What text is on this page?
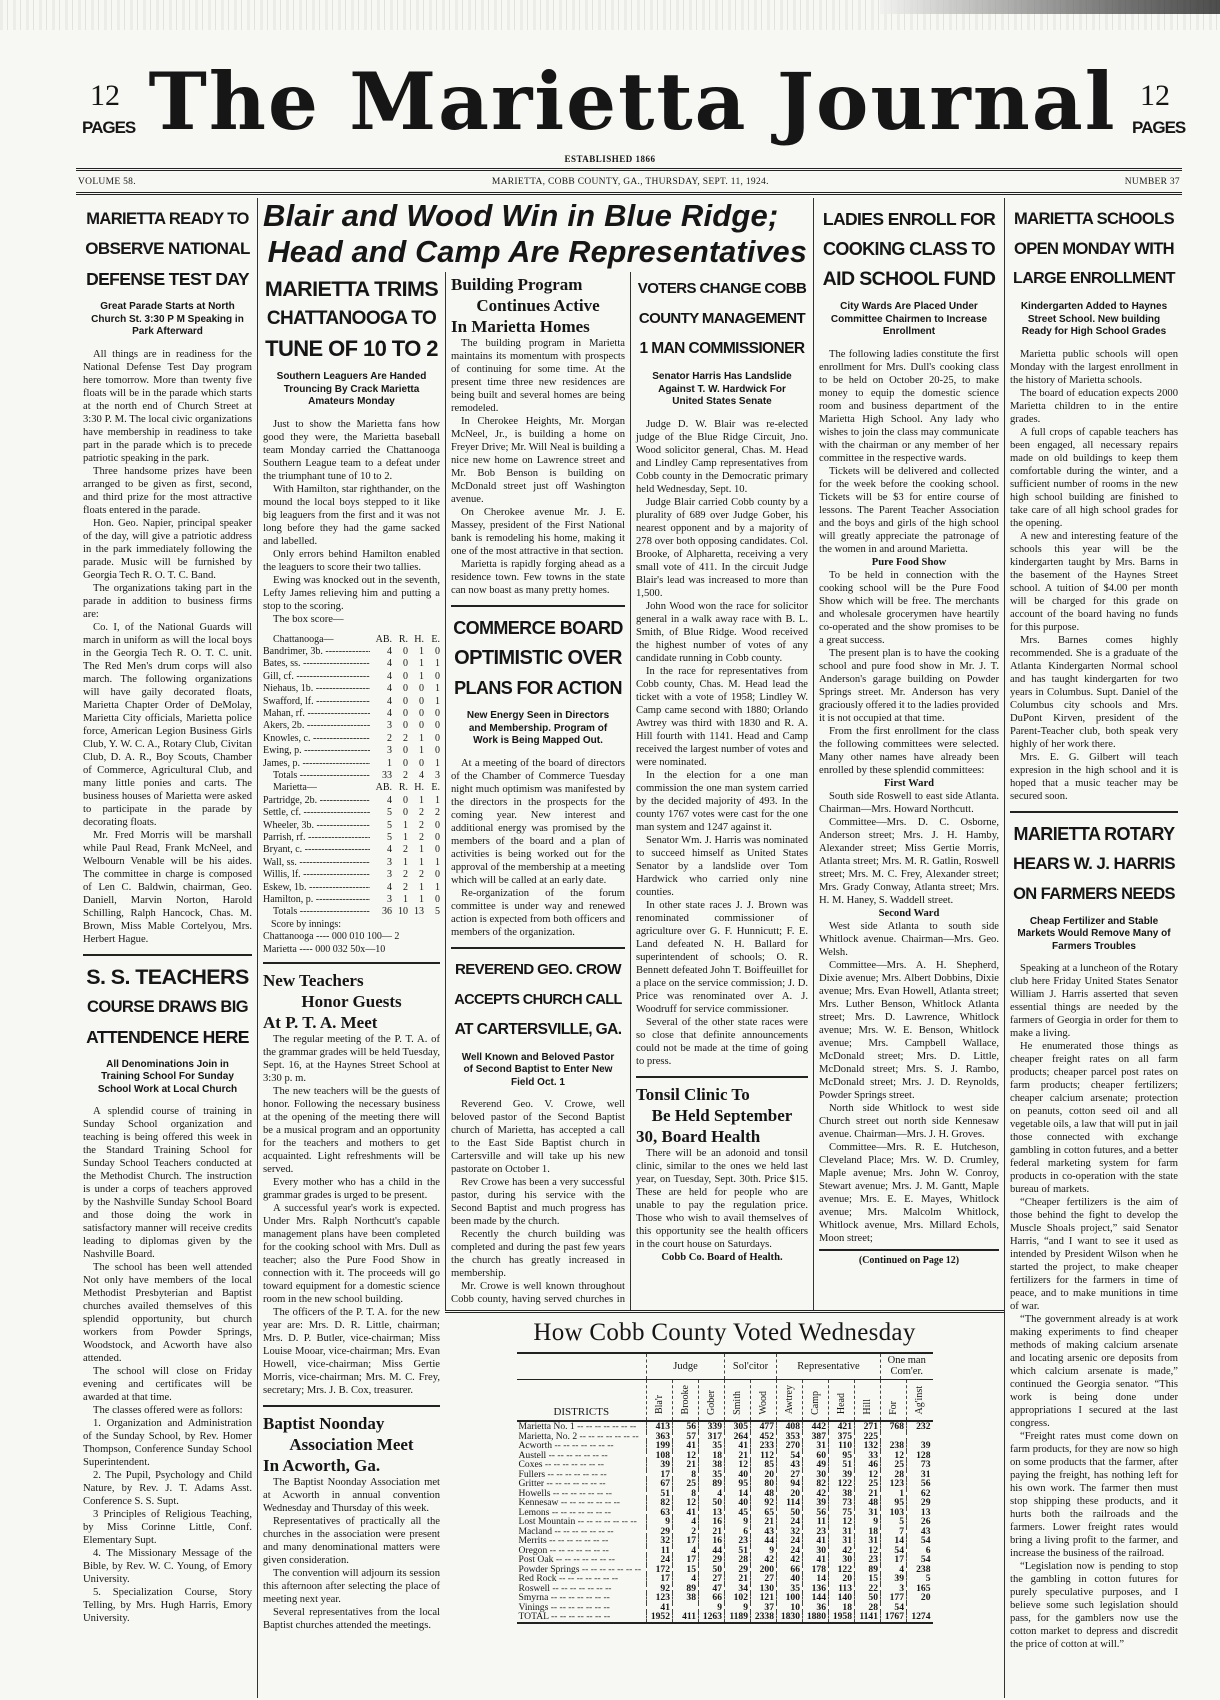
12
PAGES The Marietta Journal 12
PAGES
ESTABLISHED 1866
VOLUME 58.	MARIETTA, COBB COUNTY, GA., THURSDAY, SEPT. 11, 1924.	NUMBER 37
Blair and Wood Win in Blue Ridge;
Head and Camp Are Representatives
MARIETTA READY TO
OBSERVE NATIONAL
DEFENSE TEST DAY
Great Parade Starts at North Church St. 3:30 P M Speaking in Park Afterward
All things are in readiness for the National Defense Test Day program here tomorrow. More than twenty five floats will be in the parade which starts at the north end of Church Street at 3:30 P. M. The local civic organizations have membership in readiness to take part in the parade which is to precede patriotic speaking in the park.
Three handsome prizes have been arranged to be given as first, second, and third prize for the most attractive floats entered in the parade.
Hon. Geo. Napier, principal speaker of the day, will give a patriotic address in the park immediately following the parade. Music will be furnished by Georgia Tech R. O. T. C. Band.
The organizations taking part in the parade in addition to business firms are:
Co. I, of the National Guards will march in uniform as will the local boys in the Georgia Tech R. O. T. C. unit. The Red Men's drum corps will also march. The following organizations will have gaily decorated floats, Marietta Chapter Order of DeMolay, Marietta City officials, Marietta police force, American Legion Business Girls Club, Y. W. C. A., Rotary Club, Civitan Club, D. A. R., Boy Scouts, Chamber of Commerce, Agricultural Club, and many little ponies and carts. The business houses of Marietta were asked to participate in the parade by decorating floats.
Mr. Fred Morris will be marshall while Paul Read, Frank McNeel, and Welbourn Venable will be his aides. The committee in charge is composed of Len C. Baldwin, chairman, Geo. Daniell, Marvin Norton, Harold Schilling, Ralph Hancock, Chas. M. Brown, Miss Mable Cortelyou, Mrs. Herbert Hague.
S. S. TEACHERS
COURSE DRAWS BIG
ATTENDENCE HERE
All Denominations Join in Training School For Sunday School Work at Local Church
A splendid course of training in Sunday School organization and teaching is being offered this week in the Standard Training School for Sunday School Teachers conducted at the Methodist Church. The instruction is under a corps of teachers approved by the Nashville Sunday School Board and those doing the work in satisfactory manner will receive credits leading to diplomas given by the Nashville Board.
The school has been well attended Not only have members of the local Methodist Presbyterian and Baptist churches availed themselves of this splendid opportunity, but church workers from Powder Springs, Woodstock, and Acworth have also attended.
The school will close on Friday evening and certificates will be awarded at that time.
The classes offered were as follors:
1. Organization and Administration of the Sunday School, by Rev. Homer Thompson, Conference Sunday School Superintendent.
2. The Pupil, Psychology and Child Nature, by Rev. J. T. Adams Asst. Conference S. S. Supt.
3 Principles of Religious Teaching, by Miss Corinne Little, Conf. Elementary Supt.
4. The Missionary Message of the Bible, by Rev. W. C. Young, of Emory University.
5. Specialization Course, Story Telling, by Mrs. Hugh Harris, Emory University.
MARIETTA TRIMS
CHATTANOOGA TO
TUNE OF 10 TO 2
Southern Leaguers Are Handed Trouncing By Crack Marietta Amateurs Monday
Just to show the Marietta fans how good they were, the Marietta baseball team Monday carried the Chattanooga Southern League team to a defeat under the triumphant tune of 10 to 2.
With Hamilton, star righthander, on the mound the local boys stepped to it like big leaguers from the first and it was not long before they had the game sacked and labelled.
Only errors behind Hamilton enabled the leaguers to score their two tallies.
Ewing was knocked out in the seventh, Lefty James relieving him and putting a stop to the scoring.
The box score—
Chattanooga—	AB. R. H. E.
Bandrimer, 3b. -----	4	0	1	0
Bates, ss. -----	4	0	1	1
Gill, cf. -----	4	0	1	0
Niehaus, 1b. -----	4	0	0	1
Swafford, lf. -----	4	0	0	1
Mahan, rf. -----	4	0	0	0
Akers, 2b. -----	3	0	0	0
Knowles, c. -----	2	2	1	0
Ewing, p. -----	3	0	1	0
James, p. -----	1	0	0	1
Totals -----	33	2	4	3
Marietta—	AB. R. H. E.
Partridge, 2b. -----	4	0	1	1
Settle, cf. -----	5	0	2	2
Wheeler, 3b. -----	5	1	2	0
Parrish, rf. -----	5	1	2	0
Bryant, c. -----	4	2	1	0
Wall, ss. -----	3	1	1	1
Willis, lf. -----	3	2	2	0
Eskew, 1b. -----	4	2	1	1
Hamilton, p. -----	3	1	1	0
Totals -----	36 10 13	5
Score by innings:
Chattanooga ---- 000 010 100— 2
Marietta ---- 000 032 50x—10
New Teachers
Honor Guests
At P. T. A. Meet
The regular meeting of the P. T. A. of the grammar grades will be held Tuesday, Sept. 16, at the Haynes Street School at 3:30 p. m.
The new teachers will be the guests of honor. Following the necessary business at the opening of the meeting there will be a musical program and an opportunity for the teachers and mothers to get acquainted. Light refreshments will be served.
Every mother who has a child in the grammar grades is urged to be present.
A successful year's work is expected. Under Mrs. Ralph Northcutt's capable management plans have been completed for the cooking school with Mrs. Dull as teacher; also the Pure Food Show in connection with it. The proceeds will go toward equipment for a domestic science room in the new school building.
The officers of the P. T. A. for the new year are: Mrs. D. R. Little, chairman; Mrs. D. P. Butler, vice-chairman; Miss Louise Mooar, vice-chairman; Mrs. Evan Howell, vice-chairman; Miss Gertie Morris, vice-chairman; Mrs. M. C. Frey, secretary; Mrs. J. B. Cox, treasurer.
Baptist Noonday
Association Meet
In Acworth, Ga.
The Baptist Noonday Association met at Acworth in annual convention Wednesday and Thursday of this week.
Representatives of practically all the churches in the association were present and many denominational matters were given consideration.
The convention will adjourn its session this afternoon after selecting the place of meeting next year.
Several representatives from the local Baptist churches attended the meetings.
Building Program
Continues Active
In Marietta Homes
The building program in Marietta maintains its momentum with prospects of continuing for some time. At the present time three new residences are being built and several homes are being remodeled.
In Cherokee Heights, Mr. Morgan McNeel, Jr., is building a home on Freyer Drive; Mr. Will Neal is building a nice new home on Lawrence street and Mr. Bob Benson is building on McDonald street just off Washington avenue.
On Cherokee avenue Mr. J. E. Massey, president of the First National bank is remodeling his home, making it one of the most attractive in that section.
Marietta is rapidly forging ahead as a residence town. Few towns in the state can now boast as many pretty homes.
COMMERCE BOARD
OPTIMISTIC OVER
PLANS FOR ACTION
New Energy Seen in Directors and Membership. Program of Work is Being Mapped Out.
At a meeting of the board of directors of the Chamber of Commerce Tuesday night much optimism was manifested by the directors in the prospects for the coming year. New interest and additional energy was promised by the members of the board and a plan of activities is being worked out for the approval of the membership at a meeting which will be called at an early date.
Re-organization of the forum committee is under way and renewed action is expected from both officers and members of the organization.
REVEREND GEO. CROW
ACCEPTS CHURCH CALL
AT CARTERSVILLE, GA.
Well Known and Beloved Pastor of Second Baptist to Enter New Field Oct. 1
Reverend Geo. V. Crowe, well beloved pastor of the Second Baptist church of Marietta, has accepted a call to the East Side Baptist church in Cartersville and will take up his new pastorate on October 1.
Rev Crowe has been a very successful pastor, during his service with the Second Baptist and much progress has been made by the church.
Recently the church building was completed and during the past few years the church has greatly increased in membership.
Mr. Crowe is well known throughout Cobb county, having served churches in
VOTERS CHANGE COBB
COUNTY MANAGEMENT
1 MAN COMMISSIONER
Senator Harris Has Landslide Against T. W. Hardwick For United States Senate
Judge D. W. Blair was re-elected judge of the Blue Ridge Circuit, Jno. Wood solicitor general, Chas. M. Head and Lindley Camp representatives from Cobb county in the Democratic primary held Wednesday, Sept. 10.
Judge Blair carried Cobb county by a plurality of 689 over Judge Gober, his nearest opponent and by a majority of 278 over both opposing candidates. Col. Brooke, of Alpharetta, receiving a very small vote of 411. In the circuit Judge Blair's lead was increased to more than 1,500.
John Wood won the race for solicitor general in a walk away race with B. L. Smith, of Blue Ridge. Wood received the highest number of votes of any candidate running in Cobb county.
In the race for representatives from Cobb county, Chas. M. Head lead the ticket with a vote of 1958; Lindley W. Camp came second with 1880; Orlando Awtrey was third with 1830 and R. A. Hill fourth with 1141. Head and Camp received the largest number of votes and were nominated.
In the election for a one man commission the one man system carried by the decided majority of 493. In the county 1767 votes were cast for the one man system and 1247 against it.
Senator Wm. J. Harris was nominated to succeed himself as United States Senator by a landslide over Tom Hardwick who carried only nine counties.
In other state races J. J. Brown was renominated commissioner of agriculture over G. F. Hunnicutt; F. E. Land defeated N. H. Ballard for superintendent of schools; O. R. Bennett defeated John T. Boiffeuillet for a place on the service commission; J. D. Price was renominated over A. J. Woodruff for service commissioner.
Several of the other state races were so close that definite announcements could not be made at the time of going to press.
Tonsil Clinic To
Be Held September
30, Board Health
There will be an adonoid and tonsil clinic, similar to the ones we held last year, on Tuesday, Sept. 30th. Price $15. These are held for people who are unable to pay the regulation price. Those who wish to avail themselves of this opportunity see the health officers in the court house on Saturdays.
Cobb Co. Board of Health.
LADIES ENROLL FOR
COOKING CLASS TO
AID SCHOOL FUND
City Wards Are Placed Under Committee Chairmen to Increase Enrollment
The following ladies constitute the first enrollment for Mrs. Dull's cooking class to be held on October 20-25, to make money to equip the domestic science room and business department of the Marietta High School. Any lady who wishes to join the class may communicate with the chairman or any member of her committee in the respective wards.
Tickets will be delivered and collected for the week before the cooking school. Tickets will be $3 for entire course of lessons. The Parent Teacher Association and the boys and girls of the high school will greatly appreciate the patronage of the women in and around Marietta.
Pure Food Show
To be held in connection with the cooking school will be the Pure Food Show which will be free. The merchants and wholesale grocerymen have heartily co-operated and the show promises to be a great success.
The present plan is to have the cooking school and pure food show in Mr. J. T. Anderson's garage building on Powder Springs street. Mr. Anderson has very graciously offered it to the ladies provided it is not occupied at that time.
From the first enrollment for the class the following committees were selected. Many other names have already been enrolled by these splendid committees:
First Ward
South side Roswell to east side Atlanta. Chairman—Mrs. Howard Northcutt.
Committee—Mrs. D. C. Osborne, Anderson street; Mrs. J. H. Hamby, Alexander street; Miss Gertie Morris, Atlanta street; Mrs. M. R. Gatlin, Roswell street; Mrs. M. C. Frey, Alexander street; Mrs. Grady Conway, Atlanta street; Mrs. H. M. Haney, S. Waddell street.
Second Ward
West side Atlanta to south side Whitlock avenue. Chairman—Mrs. Geo. Welsh.
Committee—Mrs. A. H. Shepherd, Dixie avenue; Mrs. Albert Dobbins, Dixie avenue; Mrs. Evan Howell, Atlanta street; Mrs. Luther Benson, Whitlock Atlanta street; Mrs. D. Lawrence, Whitlock avenue; Mrs. W. E. Benson, Whitlock avenue; Mrs. Campbell Wallace, McDonald street; Mrs. D. Little, McDonald street; Mrs. S. J. Rambo, McDonald street; Mrs. J. D. Reynolds, Powder Springs street.
North side Whitlock to west side Church street out north side Kennesaw avenue. Chairman—Mrs. J. H. Groves.
Committee—Mrs. R. E. Hutcheson, Cleveland Place; Mrs. W. D. Crumley, Maple avenue; Mrs. John W. Conroy, Stewart avenue; Mrs. J. M. Gantt, Maple avenue; Mrs. E. E. Mayes, Whitlock avenue; Mrs. Malcolm Whitlock, Whitlock avenue, Mrs. Millard Echols, Moon street;
(Continued on Page 12)
MARIETTA SCHOOLS
OPEN MONDAY WITH
LARGE ENROLLMENT
Kindergarten Added to Haynes Street School. New building Ready for High School Grades
Marietta public schools will open Monday with the largest enrollment in the history of Marietta schools.
The board of education expects 2000 Marietta children to in the entire grades.
A full crops of capable teachers has been engaged, all necessary repairs made on old buildings to keep them comfortable during the winter, and a sufficient number of rooms in the new high school building are finished to take care of all high school grades for the opening.
A new and interesting feature of the schools this year will be the kindergarten taught by Mrs. Barns in the basement of the Haynes Street school. A tuition of $4.00 per month will be charged for this grade on account of the board having no funds for this purpose.
Mrs. Barnes comes highly recommended. She is a graduate of the Atlanta Kindergarten Normal school and has taught kindergarten for two years in Columbus. Supt. Daniel of the Columbus city schools and Mrs. DuPont Kirven, president of the Parent-Teacher club, both speak very highly of her work there.
Mrs. E. G. Gilbert will teach expresion in the high school and it is hoped that a music teacher may be secured soon.
MARIETTA ROTARY
HEARS W. J. HARRIS
ON FARMERS NEEDS
Cheap Fertilizer and Stable Markets Would Remove Many of Farmers Troubles
Speaking at a luncheon of the Rotary club here Friday United States Senator William J. Harris asserted that seven essential things are needed by the farmers of Georgia in order for them to make a living.
He enumerated those things as cheaper freight rates on all farm products; cheaper parcel post rates on farm products; cheaper fertilizers; cheaper calcium arsenate; protection on peanuts, cotton seed oil and all vegetable oils, a law that will put in jail those connected with exchange gambling in cotton futures, and a better federal marketing system for farm products in co-operation with the state bureau of markets.
“Cheaper fertilizers is the aim of those behind the fight to develop the Muscle Shoals project,” said Senator Harris, “and I want to see it used as intended by President Wilson when he started the project, to make cheaper fertilizers for the farmers in time of peace, and to make munitions in time of war.
“The government already is at work making experiments to find cheaper methods of making calcium arsenate and locating arsenic ore deposits from which calcium arsenate is made,” continued the Georgia senator. “This work is being done under appropriations I secured at the last congress.
“Freight rates must come down on farm products, for they are now so high on some products that the farmer, after paying the freight, has nothing left for his own work. The farmer then must stop shipping these products, and it hurts both the railroads and the farmers. Lower freight rates would bring a living profit to the farmer, and increase the business of the railroad.
“Legislation now is pending to stop the gambling in cotton futures for purely speculative purposes, and I believe some such legislation should pass, for the gamblers now use the cotton market to depress and discredit the price of cotton at will.”
How Cobb County Voted Wednesday
	Judge			Sol'citor		Representative				One man Com'er.	
DISTRICTS	Bla'r	Brooke	Gober	Smith	Wood	Awtrey	Camp	Head	Hill	For	Ag'inst
Marietta No. 1 -- --	413	56	339	305	477	408	442	421	271	768	232
Marietta, No. 2 -- --	363	57	317	264	452	353	387	375	225		
Acworth -- --	199	41	35	41	233	270	31	110	132	238	39
Austell -- --	108	12	18	21	112	54	60	95	33	12	128
Coxes -- --	39	21	38	12	85	43	49	51	46	25	73
Fullers -- --	17	8	35	40	20	27	30	39	12	28	31
Gritter -- --	67	25	89	95	80	94	82	122	25	123	56
Howells -- --	51	8	4	14	48	20	42	38	21	1	62
Kennesaw -- --	82	12	50	40	92	114	39	73	48	95	29
Lemons -- --	63	41	13	45	65	50	56	75	31	103	13
Lost Mountain -- --	9	4	16	9	21	24	11	12	9	5	26
Macland -- --	29	2	21	6	43	32	23	31	18	7	43
Merrits -- --	32	17	16	23	44	24	41	31	31	14	54
Oregon -- --	11	4	44	51	9	24	30	42	12	54	6
Post Oak -- --	24	17	29	28	42	42	41	30	23	17	54
Powder Springs -- --	172	15	50	29	200	66	178	122	89	4	238
Red Rock -- --	17	4	27	21	27	40	14	20	15	39	5
Roswell -- --	92	89	47	34	130	35	136	113	22	3	165
Smyrna -- --	123	38	66	102	121	100	144	140	50	177	20
Vinings -- --	41		9	9	37	10	36	18	28	54	
TOTAL -- --	1952	411	1263	1189	2338	1830	1880	1958	1141	1767	1274
